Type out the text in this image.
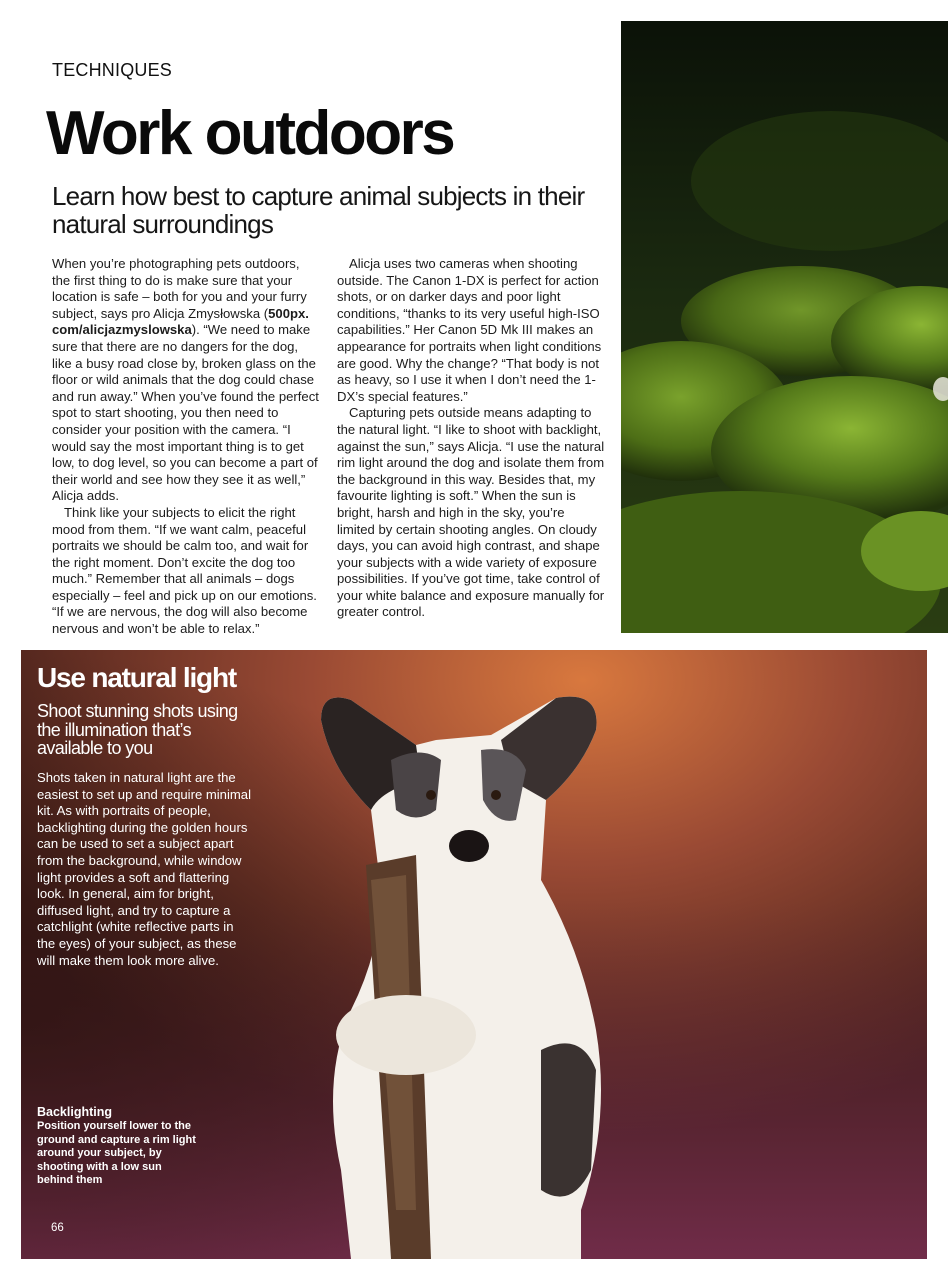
TECHNIQUES
Work outdoors
Learn how best to capture animal subjects in their natural surroundings

When you’re photographing pets outdoors, the first thing to do is make sure that your location is safe – both for you and your furry subject, says pro Alicja Zmysłowska (500px. com/alicjazmyslowska). “We need to make sure that there are no dangers for the dog, like a busy road close by, broken glass on the floor or wild animals that the dog could chase and run away.” When you’ve found the perfect spot to start shooting, you then need to consider your position with the camera. “I would say the most important thing is to get low, to dog level, so you can become a part of their world and see how they see it as well,” Alicja adds.

Think like your subjects to elicit the right mood from them. “If we want calm, peaceful portraits we should be calm too, and wait for the right moment. Don’t excite the dog too much.” Remember that all animals – dogs especially – feel and pick up on our emotions. “If we are nervous, the dog will also become nervous and won’t be able to relax.”

Alicja uses two cameras when shooting outside. The Canon 1-DX is perfect for action shots, or on darker days and poor light conditions, “thanks to its very useful high-ISO capabilities.” Her Canon 5D Mk III makes an appearance for portraits when light conditions are good. Why the change? “That body is not as heavy, so I use it when I don’t need the 1-DX’s special features.”

Capturing pets outside means adapting to the natural light. “I like to shoot with backlight, against the sun,” says Alicja. “I use the natural rim light around the dog and isolate them from the background in this way. Besides that, my favourite lighting is soft.” When the sun is bright, harsh and high in the sky, you’re limited by certain shooting angles. On cloudy days, you can avoid high contrast, and shape your subjects with a wide variety of exposure possibilities. If you’ve got time, take control of your white balance and exposure manually for greater control.

Use natural light
Shoot stunning shots using the illumination that’s available to you

Shots taken in natural light are the easiest to set up and require minimal kit. As with portraits of people, backlighting during the golden hours can be used to set a subject apart from the background, while window light provides a soft and flattering look. In general, aim for bright, diffused light, and try to capture a catchlight (white reflective parts in the eyes) of your subject, as these will make them look more alive.

Backlighting
Position yourself lower to the ground and capture a rim light around your subject, by shooting with a low sun behind them
66
